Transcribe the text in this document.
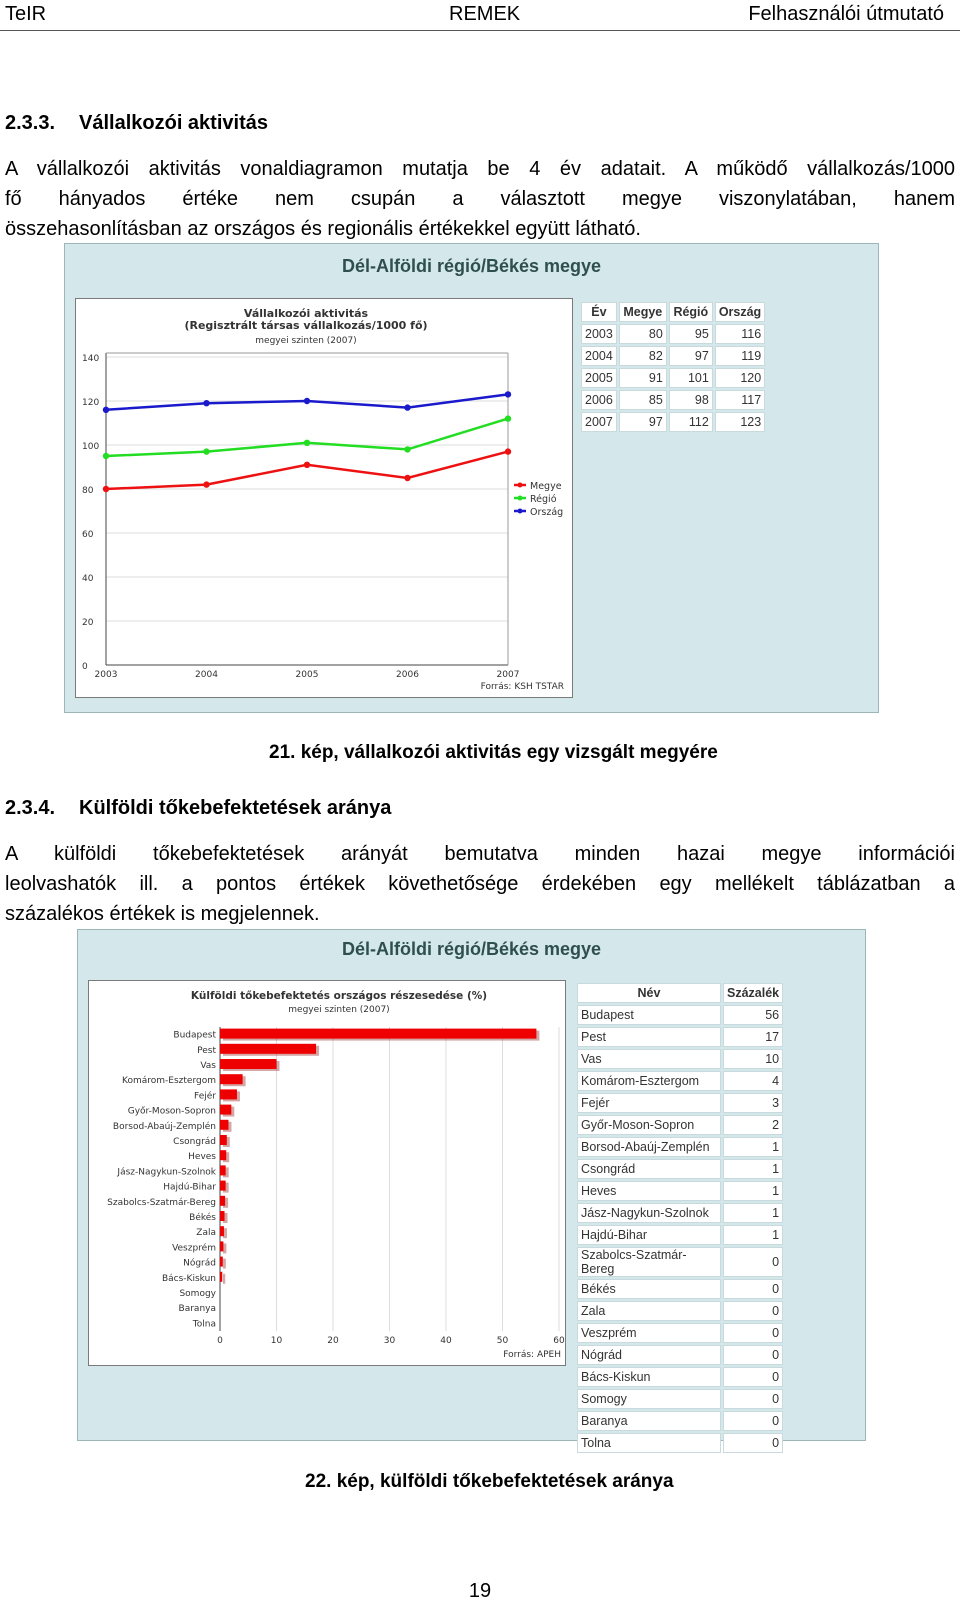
TeIR	REMEK	Felhasználói útmutató
2.3.3. Vállalkozói aktivitás

A vállalkozói aktivitás vonaldiagramon mutatja be 4 év adatait. A működő vállalkozás/1000
fő hányados értéke nem csupán a választott megye viszonylatában, hanem
összehasonlításban az országos és regionális értékekkel együtt látható.

Dél-Alföldi régió/Békés megye
Vállalkozói aktivitás
(Regisztrált társas vállalkozás/1000 fő)
megyei szinten (2007)
0
20
40
60
80
100
120
140
2003	2004	2005	2006	2007
Megye
Régió
Ország
Forrás: KSH TSTAR
Év	Megye	Régió	Ország
2003	80	95	116
2004	82	97	119
2005	91	101	120
2006	85	98	117
2007	97	112	123
21. kép, vállalkozói aktivitás egy vizsgált megyére
2.3.4. Külföldi tőkebefektetések aránya

A külföldi tőkebefektetések arányát bemutatva minden hazai megye információi
leolvashatók ill. a pontos értékek követhetősége érdekében egy mellékelt táblázatban a
százalékos értékek is megjelennek.

Dél-Alföldi régió/Békés megye
Külföldi tőkebefektetés országos részesedése (%)
megyei szinten (2007)
0	10	20	30	40	50	60
Budapest
Pest
Vas
Komárom-Esztergom
Fejér
Győr-Moson-Sopron
Borsod-Abaúj-Zemplén
Csongrád
Heves
Jász-Nagykun-Szolnok
Hajdú-Bihar
Szabolcs-Szatmár-Bereg
Békés
Zala
Veszprém
Nógrád
Bács-Kiskun
Somogy
Baranya
Tolna
Forrás: APEH
Név	Százalék
Budapest	56
Pest	17
Vas	10
Komárom-Esztergom	4
Fejér	3
Győr-Moson-Sopron	2
Borsod-Abaúj-Zemplén	1
Csongrád	1
Heves	1
Jász-Nagykun-Szolnok	1
Hajdú-Bihar	1
Szabolcs-Szatmár-Bereg	0
Békés	0
Zala	0
Veszprém	0
Nógrád	0
Bács-Kiskun	0
Somogy	0
Baranya	0
Tolna	0
22. kép, külföldi tőkebefektetések aránya
19
